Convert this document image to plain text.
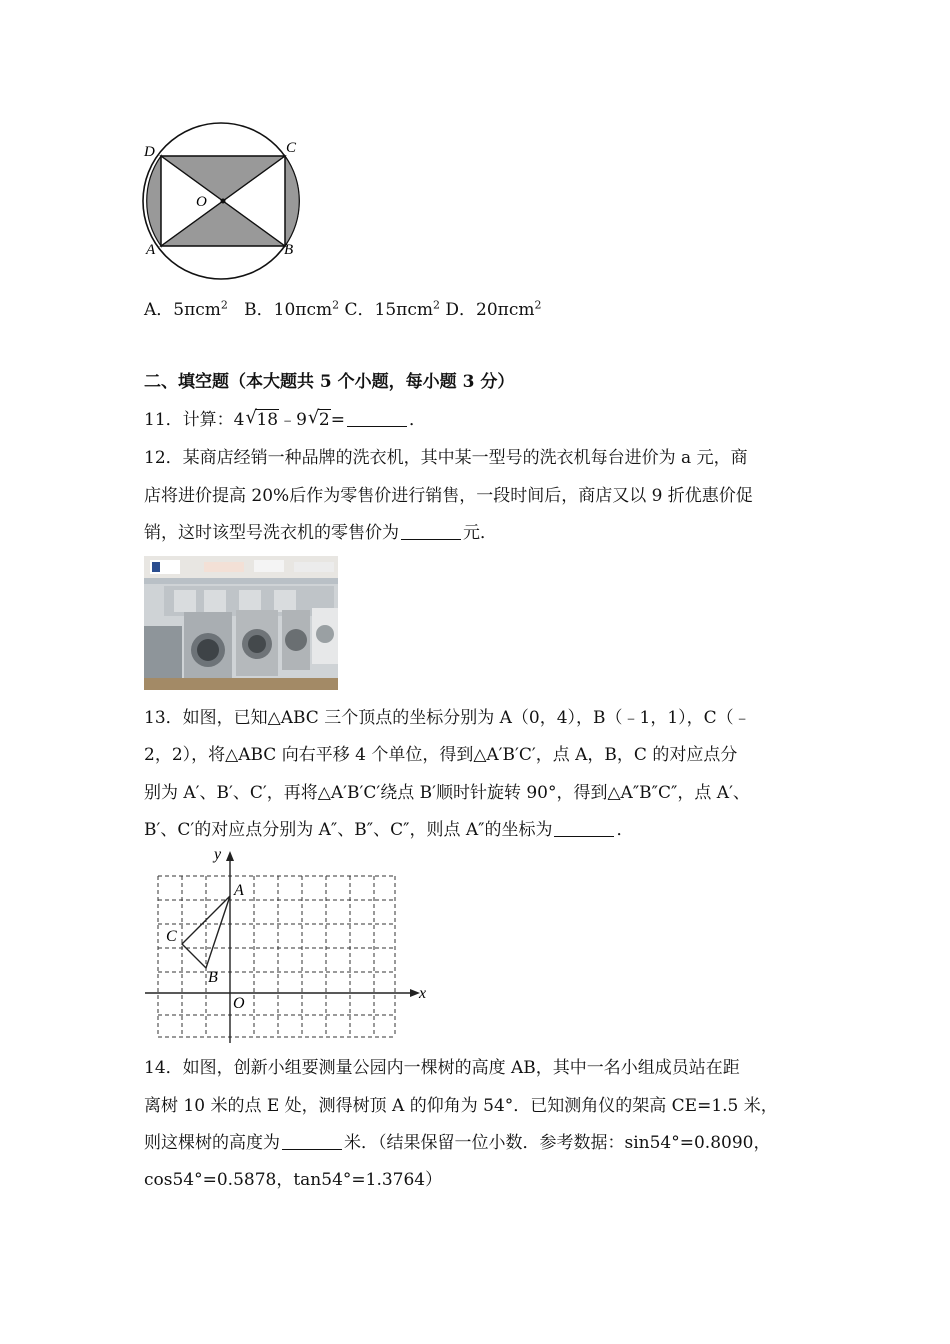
D	C
O
A	B
A．5πcm$^2$ B．10πcm$^2$ C．15πcm$^2$ D．20πcm$^2$
二、填空题（本大题共 5 个小题，每小题 3 分）
11．计算：4 √ 18﹣9 √ 2=	．
12．某商店经销一种品牌的洗衣机，其中某一型号的洗衣机每台进价为 a 元，商
店将进价提高 20%后作为零售价进行销售，一段时间后，商店又以 9 折优惠价促
销，这时该型号洗衣机的零售价为	元．
13．如图，已知△ABC 三个顶点的坐标分别为 A（0，4），B（﹣1，1），C（﹣
2，2），将△ABC 向右平移 4 个单位，得到△A′B′C′，点 A，B，C 的对应点分
别为 A′、B′、C′，再将△A′B′C′绕点 B′顺时针旋转 90°，得到△A″B″C″，点 A′、
B′、C′的对应点分别为 A″、B″、C″，则点 A″的坐标为	．
y
x
A
C
B
O
14．如图，创新小组要测量公园内一棵树的高度 AB，其中一名小组成员站在距
离树 10 米的点 E 处，测得树顶 A 的仰角为 54°．已知测角仪的架高 CE=1.5 米，
则这棵树的高度为	米．（结果保留一位小数．参考数据：sin54°=0.8090，
cos54°=0.5878，tan54°=1.3764）
